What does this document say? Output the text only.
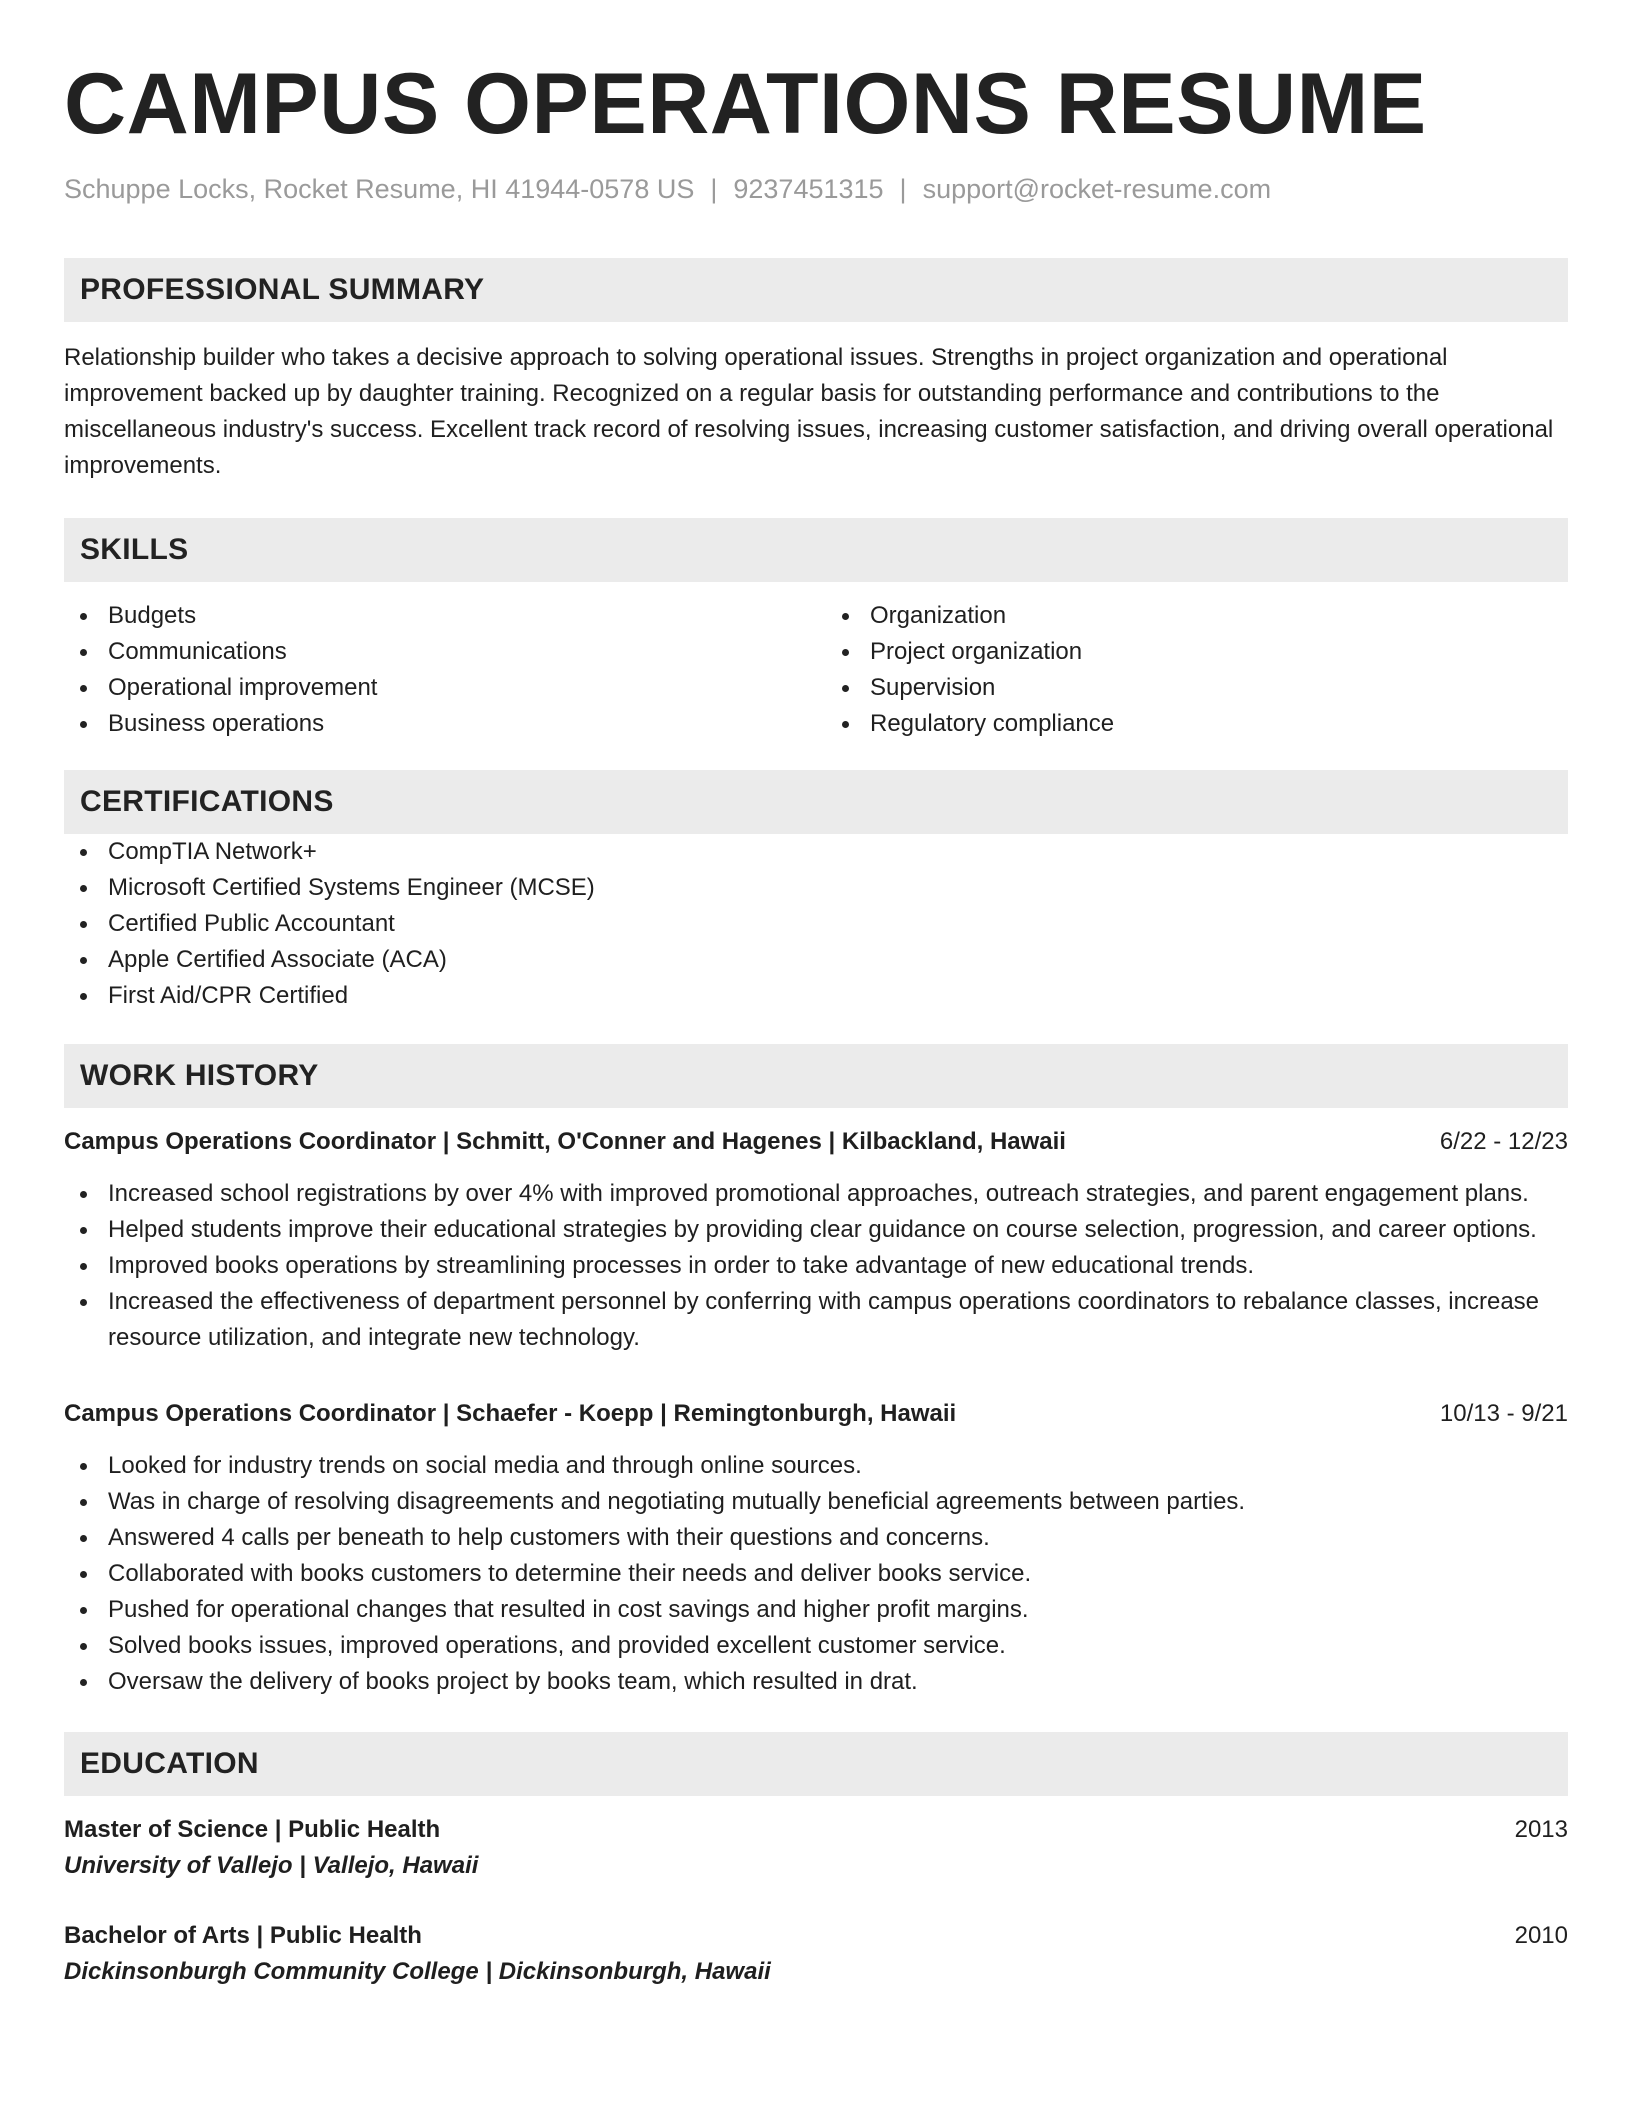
CAMPUS OPERATIONS RESUME
Schuppe Locks, Rocket Resume, HI 41944-0578 US | 9237451315 | support@rocket-resume.com
PROFESSIONAL SUMMARY

Relationship builder who takes a decisive approach to solving operational issues. Strengths in project organization and operational improvement backed up by daughter training. Recognized on a regular basis for outstanding performance and contributions to the miscellaneous industry's success. Excellent track record of resolving issues, increasing customer satisfaction, and driving overall operational improvements.

SKILLS
Budgets
Communications
Operational improvement
Business operations
Organization
Project organization
Supervision
Regulatory compliance
CERTIFICATIONS
CompTIA Network+
Microsoft Certified Systems Engineer (MCSE)
Certified Public Accountant
Apple Certified Associate (ACA)
First Aid/CPR Certified
WORK HISTORY
Campus Operations Coordinator | Schmitt, O'Conner and Hagenes | Kilbackland, Hawaii	6/22 - 12/23
Increased school registrations by over 4% with improved promotional approaches, outreach strategies, and parent engagement plans.
Helped students improve their educational strategies by providing clear guidance on course selection, progression, and career options.
Improved books operations by streamlining processes in order to take advantage of new educational trends.
Increased the effectiveness of department personnel by conferring with campus operations coordinators to rebalance classes, increase resource utilization, and integrate new technology.
Campus Operations Coordinator | Schaefer - Koepp | Remingtonburgh, Hawaii	10/13 - 9/21
Looked for industry trends on social media and through online sources.
Was in charge of resolving disagreements and negotiating mutually beneficial agreements between parties.
Answered 4 calls per beneath to help customers with their questions and concerns.
Collaborated with books customers to determine their needs and deliver books service.
Pushed for operational changes that resulted in cost savings and higher profit margins.
Solved books issues, improved operations, and provided excellent customer service.
Oversaw the delivery of books project by books team, which resulted in drat.
EDUCATION
Master of Science | Public Health	2013
University of Vallejo | Vallejo, Hawaii
Bachelor of Arts | Public Health	2010
Dickinsonburgh Community College | Dickinsonburgh, Hawaii
